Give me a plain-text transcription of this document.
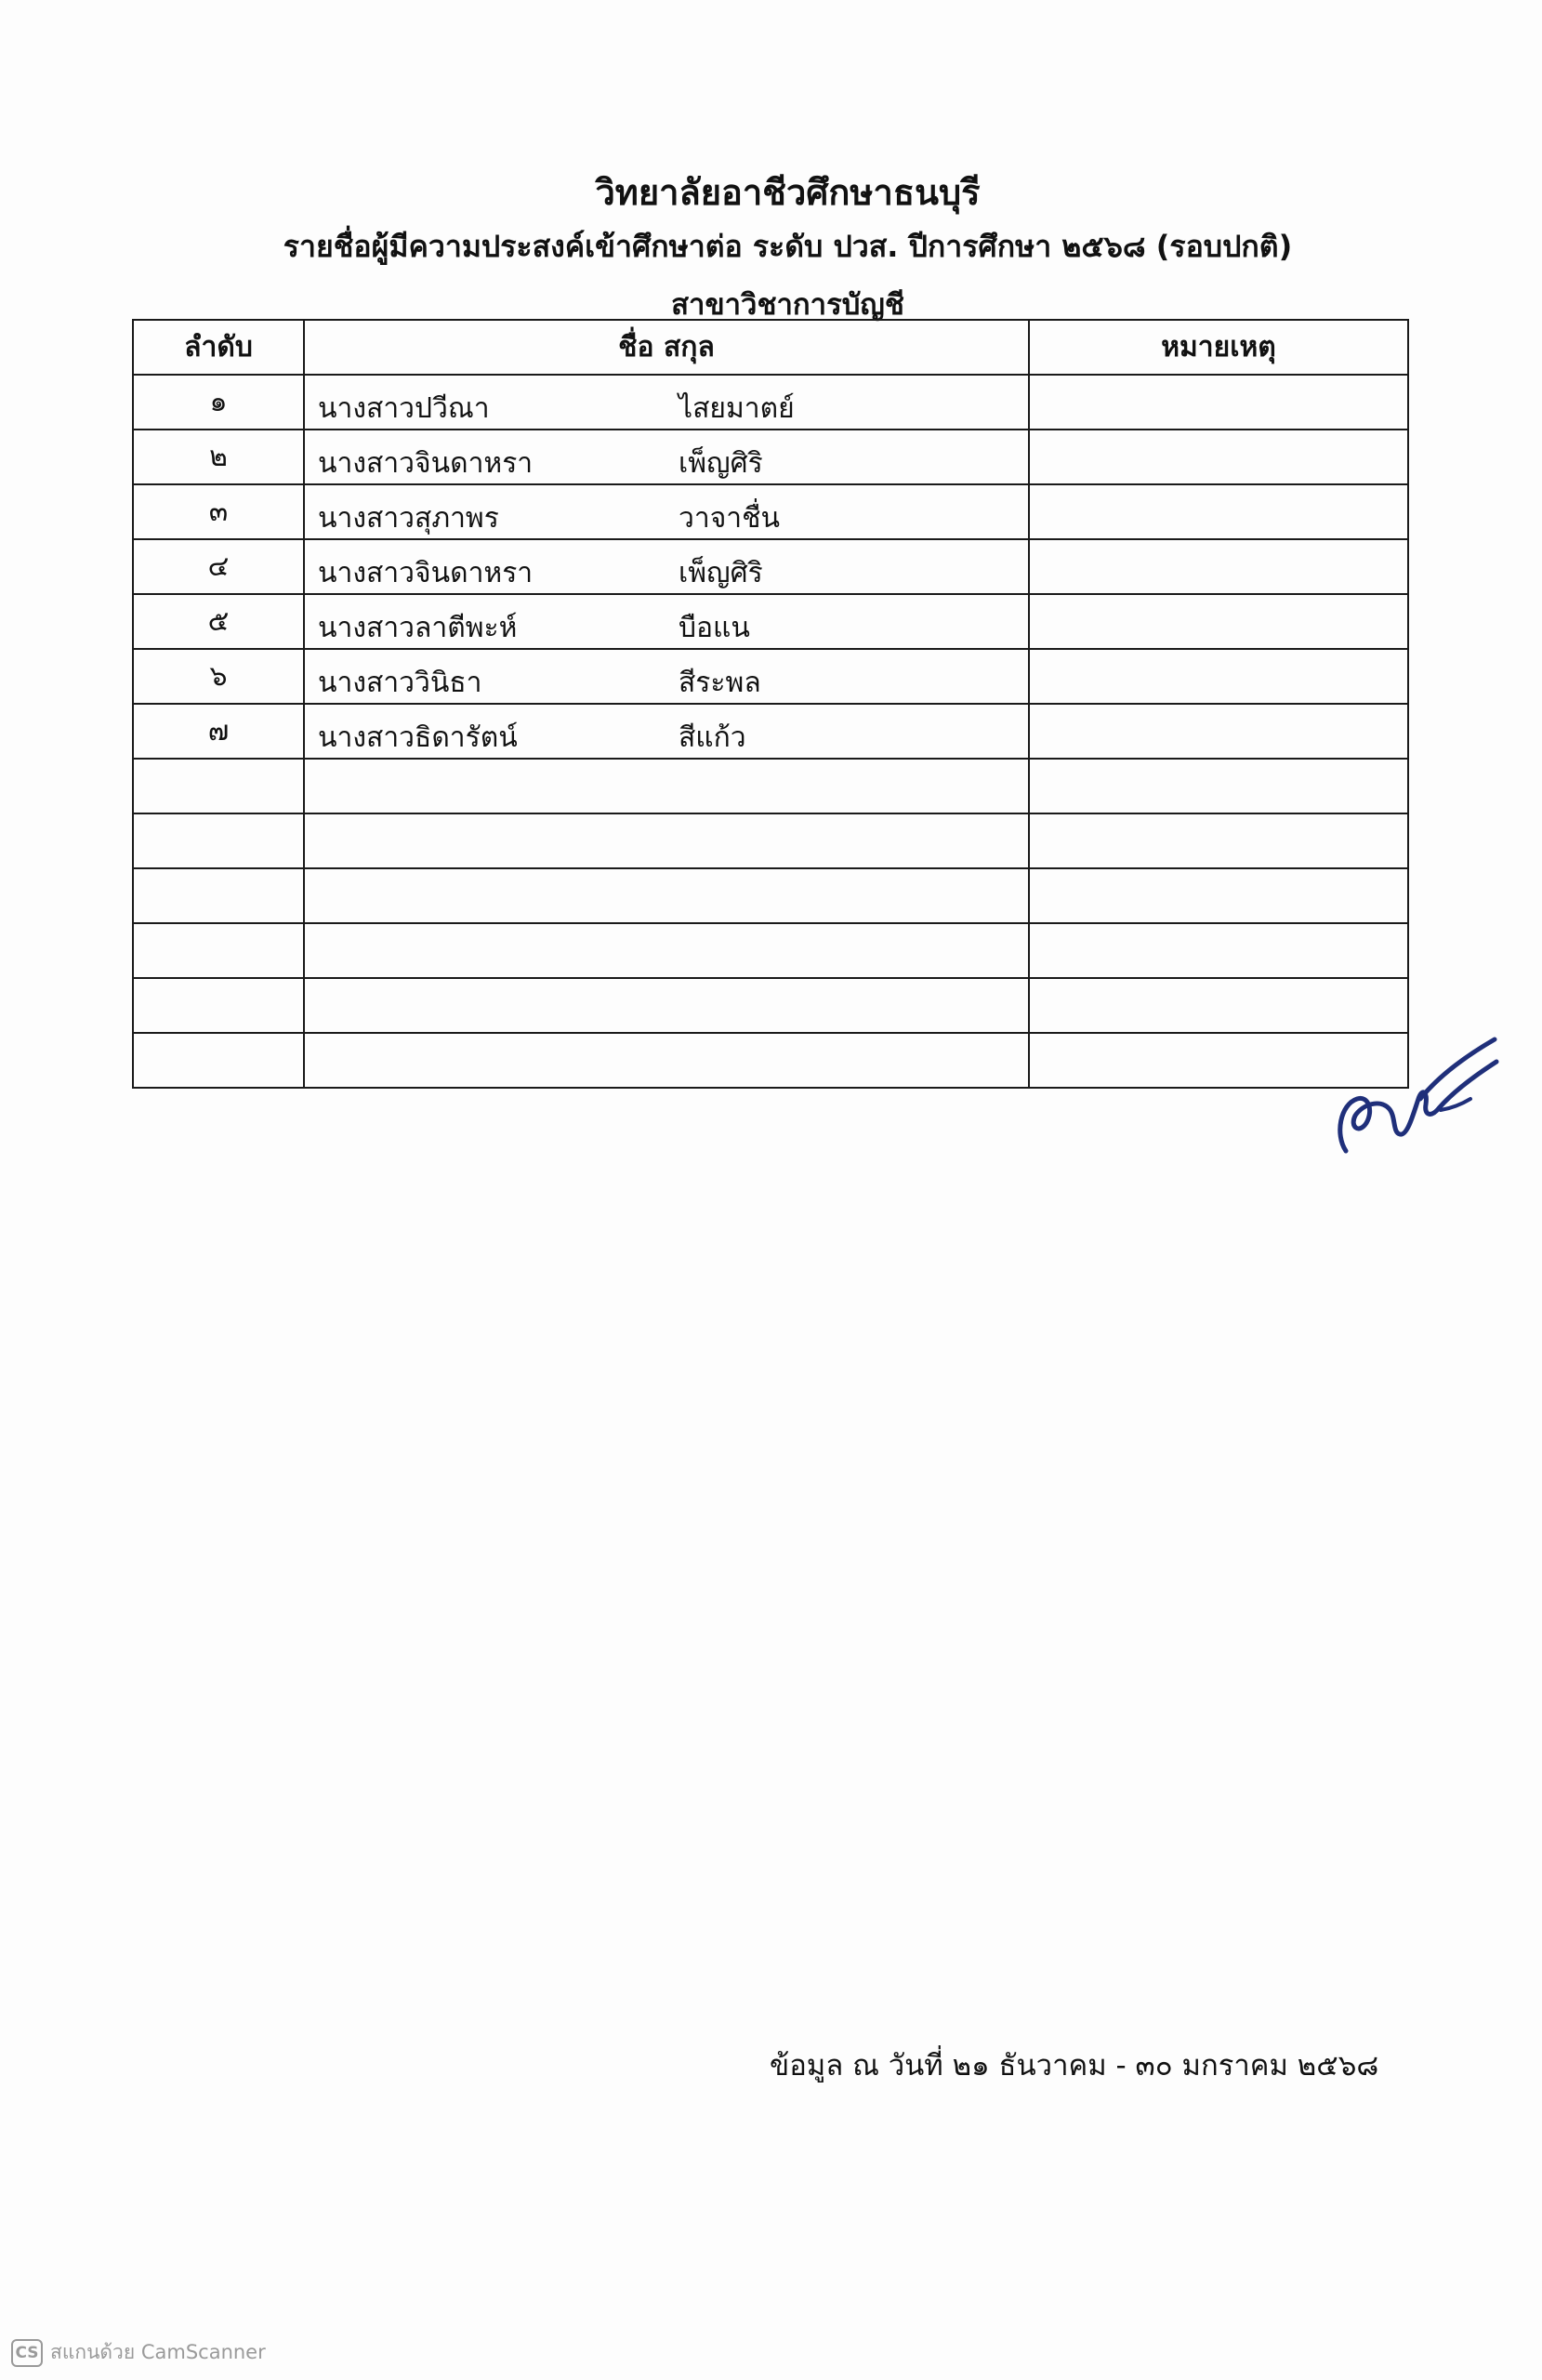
วิทยาลัยอาชีวศึกษาธนบุรี
รายชื่อผู้มีความประสงค์เข้าศึกษาต่อ ระดับ ปวส. ปีการศึกษา ๒๕๖๘ (รอบปกติ)
สาขาวิชาการบัญชี
ลำดับ	ชื่อ สกุล	หมายเหตุ
๑	นางสาวปวีณา ไสยมาตย์	

๒	นางสาวจินดาหรา เพ็ญศิริ	

๓	นางสาวสุภาพร วาจาชื่น	

๔	นางสาวจินดาหรา เพ็ญศิริ	

๕	นางสาวลาตีพะห์ บือแน	

๖	นางสาววินิธา สีระพล	

๗	นางสาวธิดารัตน์ สีแก้ว	

ข้อมูล ณ วันที่ ๒๑ ธันวาคม - ๓๐ มกราคม ๒๕๖๘
CS สแกนด้วย CamScanner
